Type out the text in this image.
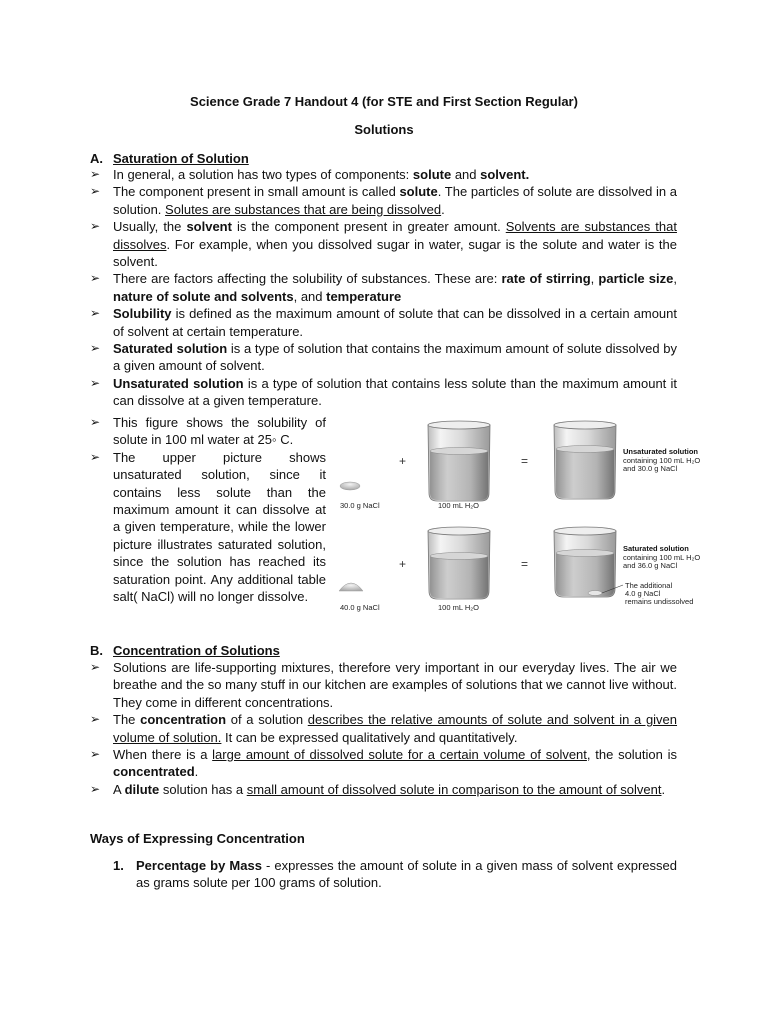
Science Grade 7 Handout 4 (for STE and First Section Regular)
Solutions
A. Saturation of Solution
➢ In general, a solution has two types of components: solute and solvent.
➢ The component present in small amount is called solute. The particles of solute are dissolved in a solution. Solutes are substances that are being dissolved.
➢ Usually, the solvent is the component present in greater amount. Solvents are substances that dissolves. For example, when you dissolved sugar in water, sugar is the solute and water is the solvent.
➢ There are factors affecting the solubility of substances. These are: rate of stirring, particle size, nature of solute and solvents, and temperature
➢ Solubility is defined as the maximum amount of solute that can be dissolved in a certain amount of solvent at certain temperature.
➢ Saturated solution is a type of solution that contains the maximum amount of solute dissolved by a given amount of solvent.
➢ Unsaturated solution is a type of solution that contains less solute than the maximum amount it can dissolve at a given temperature.
➢ This figure shows the solubility of solute in 100 ml water at 25◦ C.
➢ The upper picture shows unsaturated solution, since it contains less solute than the maximum amount it can dissolve at a given temperature, while the lower picture illustrates saturated solution, since the solution has reached its saturation point. Any additional table salt( NaCl) will no longer dissolve.
30.0 g NaCl
+
100 mL H₂O
=
Unsaturated solution
containing 100 mL H₂O
and 30.0 g NaCl
40.0 g NaCl
+
100 mL H₂O
=
Saturated solution
containing 100 mL H₂O
and 36.0 g NaCl
The additional
4.0 g NaCl
remains undissolved
B. Concentration of Solutions
➢ Solutions are life-supporting mixtures, therefore very important in our everyday lives. The air we breathe and the so many stuff in our kitchen are examples of solutions that we cannot live without. They come in different concentrations.
➢ The concentration of a solution describes the relative amounts of solute and solvent in a given volume of solution. It can be expressed qualitatively and quantitatively.
➢ When there is a large amount of dissolved solute for a certain volume of solvent, the solution is concentrated.
➢ A dilute solution has a small amount of dissolved solute in comparison to the amount of solvent.
Ways of Expressing Concentration
1. Percentage by Mass - expresses the amount of solute in a given mass of solvent expressed as grams solute per 100 grams of solution.
